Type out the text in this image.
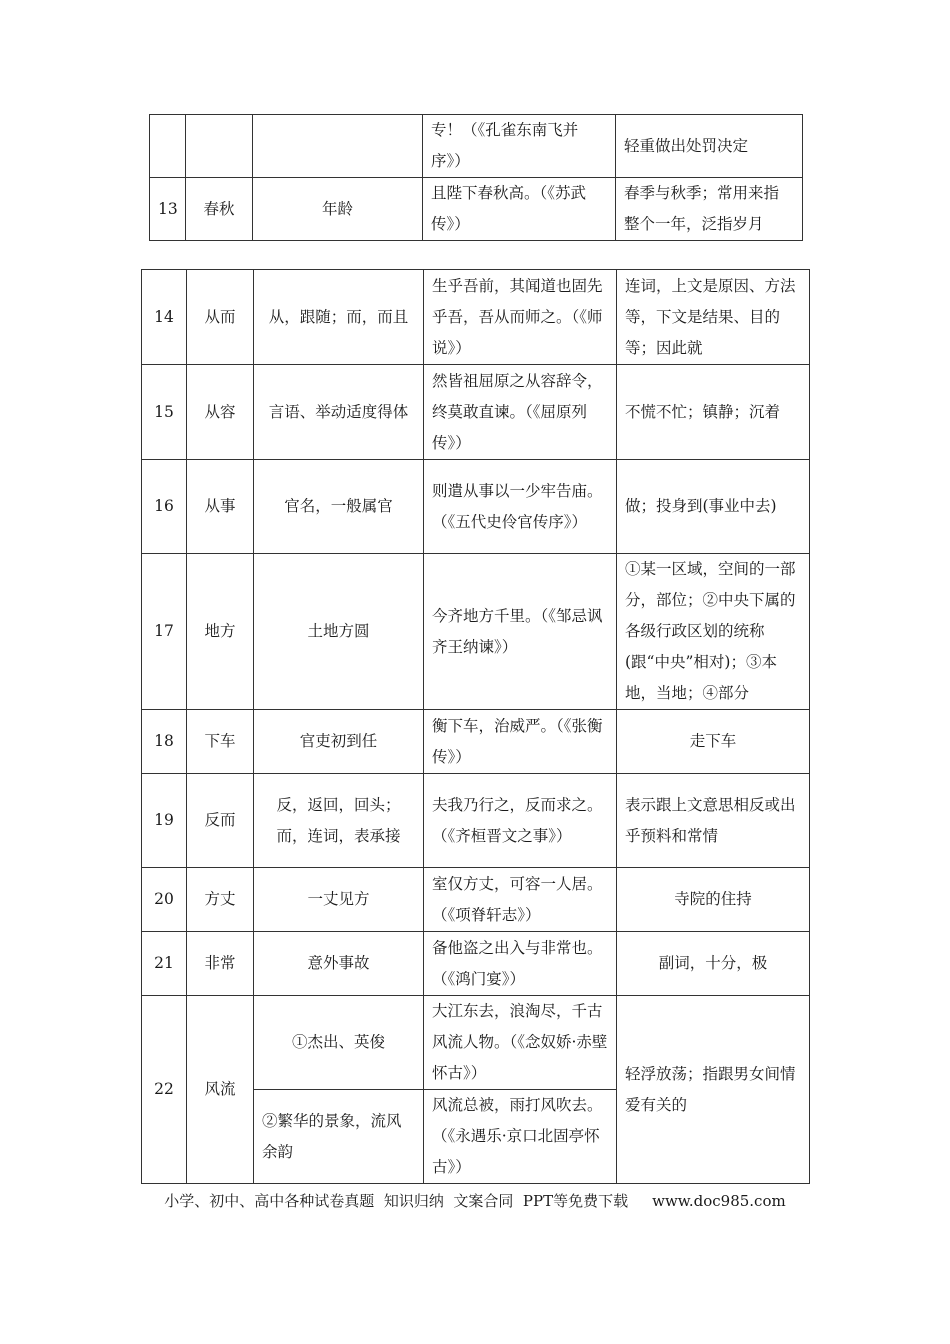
			专！（《孔雀东南飞并序》）	轻重做出处罚决定
13	春秋	年龄	且陛下春秋高。（《苏武传》）	春季与秋季；常用来指整个一年，泛指岁月
14	从而	从，跟随；而，而且	生乎吾前，其闻道也固先乎吾，吾从而师之。（《师说》）	连词，上文是原因、方法等，下文是结果、目的等；因此就
15	从容	言语、举动适度得体	然皆祖屈原之从容辞令，终莫敢直谏。（《屈原列传》）	不慌不忙；镇静；沉着
16	从事	官名，一般属官	则遣从事以一少牢告庙。（《五代史伶官传序》）	做；投身到(事业中去)
17	地方	土地方圆	今齐地方千里。（《邹忌讽齐王纳谏》）	①某一区域，空间的一部分，部位；②中央下属的各级行政区划的统称(跟“中央”相对)；③本地，当地；④部分
18	下车	官吏初到任	衡下车，治威严。（《张衡传》）	走下车
19	反而	反，返回，回头；而，连词，表承接	夫我乃行之，反而求之。（《齐桓晋文之事》）	表示跟上文意思相反或出乎预料和常情
20	方丈	一丈见方	室仅方丈，可容一人居。（《项脊轩志》）	寺院的住持
21	非常	意外事故	备他盗之出入与非常也。（《鸿门宴》）	副词，十分，极
22	风流	①杰出、英俊	大江东去，浪淘尽，千古风流人物。（《念奴娇·赤壁怀古》）	轻浮放荡；指跟男女间情爱有关的
		②繁华的景象，流风余韵	风流总被，雨打风吹去。（《永遇乐·京口北固亭怀古》）	
小学、初中、高中各种试卷真题  知识归纳  文案合同  PPT等免费下载 www.doc985.com
